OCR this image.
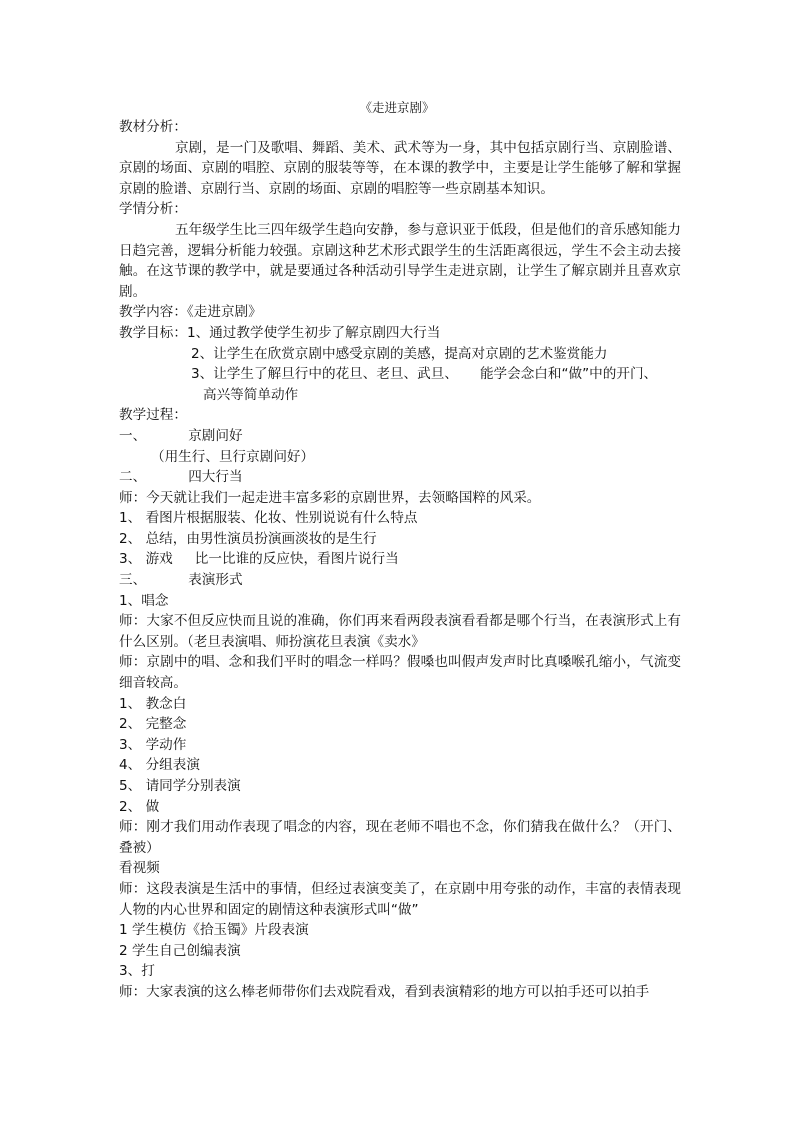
《走进京剧》

教材分析：

京剧，是一门及歌唱、舞蹈、美术、武术等为一身，其中包括京剧行当、京剧脸谱、京剧的场面、京剧的唱腔、京剧的服装等等，在本课的教学中，主要是让学生能够了解和掌握京剧的脸谱、京剧行当、京剧的场面、京剧的唱腔等一些京剧基本知识。

学情分析：

五年级学生比三四年级学生趋向安静，参与意识亚于低段，但是他们的音乐感知能力日趋完善，逻辑分析能力较强。京剧这种艺术形式跟学生的生活距离很远，学生不会主动去接触。在这节课的教学中，就是要通过各种活动引导学生走进京剧，让学生了解京剧并且喜欢京剧。

教学内容：《走进京剧》

教学目标：1、通过教学使学生初步了解京剧四大行当

2、让学生在欣赏京剧中感受京剧的美感，提高对京剧的艺术鉴赏能力

3、让学生了解旦行中的花旦、老旦、武旦、 能学会念白和“做”中的开门、

高兴等简单动作

教学过程：

一、	京剧问好

（用生行、旦行京剧问好）

二、	四大行当

师：今天就让我们一起走进丰富多彩的京剧世界，去领略国粹的风采。

1、 看图片根据服装、化妆、性别说说有什么特点

2、 总结，由男性演员扮演画淡妆的是生行

3、 游戏 比一比谁的反应快，看图片说行当

三、	表演形式

1、唱念

师：大家不但反应快而且说的准确，你们再来看两段表演看看都是哪个行当，在表演形式上有什么区别。（老旦表演唱、师扮演花旦表演《卖水》

师：京剧中的唱、念和我们平时的唱念一样吗？假嗓也叫假声发声时比真嗓喉孔缩小，气流变细音较高。

1、 教念白

2、 完整念

3、 学动作

4、 分组表演

5、 请同学分别表演

2、 做

师：刚才我们用动作表现了唱念的内容，现在老师不唱也不念，你们猜我在做什么？（开门、叠被）

看视频

师：这段表演是生活中的事情，但经过表演变美了，在京剧中用夸张的动作，丰富的表情表现人物的内心世界和固定的剧情这种表演形式叫“做”

1 学生模仿《拾玉镯》片段表演

2 学生自己创编表演

3、打

师：大家表演的这么棒老师带你们去戏院看戏，看到表演精彩的地方可以拍手还可以拍手
